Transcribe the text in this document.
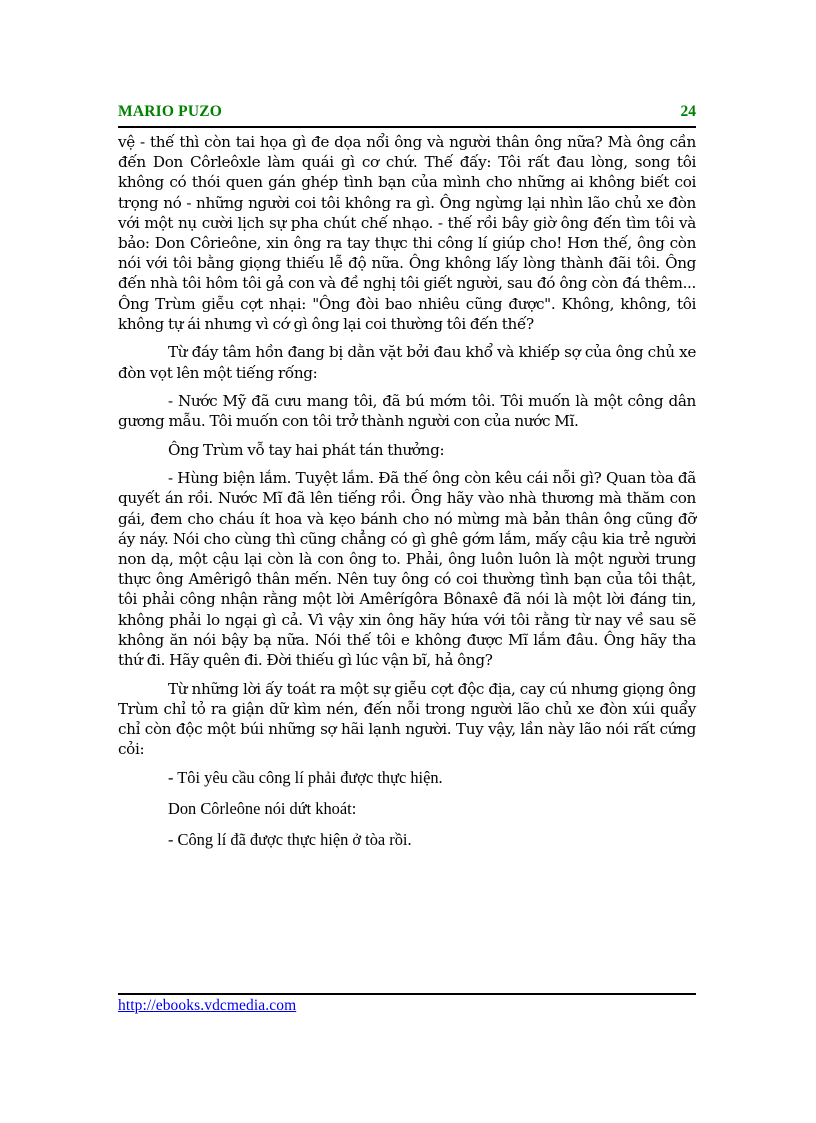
MARIO PUZO	24

vệ - thế thì còn tai họa gì đe dọa nổi ông và người thân ông nữa? Mà ông cần đến Don Côrleôxle làm quái gì cơ chứ. Thế đấy: Tôi rất đau lòng, song tôi không có thói quen gán ghép tình bạn của mình cho những ai không biết coi trọng nó - những người coi tôi không ra gì. Ông ngừng lại nhìn lão chủ xe đòn với một nụ cười lịch sự pha chút chế nhạo. - thế rồi bây giờ ông đến tìm tôi và bảo: Don Côrieône, xin ông ra tay thực thi công lí giúp cho! Hơn thế, ông còn nói với tôi bằng giọng thiếu lễ độ nữa. Ông không lấy lòng thành đãi tôi. Ông đến nhà tôi hôm tôi gả con và đề nghị tôi giết người, sau đó ông còn đá thêm... Ông Trùm giễu cợt nhại: "Ông đòi bao nhiêu cũng được". Không, không, tôi không tự ái nhưng vì cớ gì ông lại coi thường tôi đến thế?

Từ đáy tâm hồn đang bị dằn vặt bởi đau khổ và khiếp sợ của ông chủ xe đòn vọt lên một tiếng rống:

- Nước Mỹ đã cưu mang tôi, đã bú mớm tôi. Tôi muốn là một công dân gương mẫu. Tôi muốn con tôi trở thành người con của nước Mĩ.

Ông Trùm vỗ tay hai phát tán thưởng:

- Hùng biện lắm. Tuyệt lắm. Đã thế ông còn kêu cái nỗi gì? Quan tòa đã quyết án rồi. Nước Mĩ đã lên tiếng rồi. Ông hãy vào nhà thương mà thăm con gái, đem cho cháu ít hoa và kẹo bánh cho nó mừng mà bản thân ông cũng đỡ áy náy. Nói cho cùng thì cũng chẳng có gì ghê gớm lắm, mấy cậu kia trẻ người non dạ, một cậu lại còn là con ông to. Phải, ông luôn luôn là một người trung thực ông Amêrigô thân mến. Nên tuy ông có coi thường tình bạn của tôi thật, tôi phải công nhận rằng một lời Amêrígôra Bônaxê đã nói là một lời đáng tin, không phải lo ngại gì cả. Vì vậy xin ông hãy hứa với tôi rằng từ nay về sau sẽ không ăn nói bậy bạ nữa. Nói thế tôi e không được Mĩ lắm đâu. Ông hãy tha thứ đi. Hãy quên đi. Đời thiếu gì lúc vận bĩ, hả ông?

Từ những lời ấy toát ra một sự giễu cợt độc địa, cay cú nhưng giọng ông Trùm chỉ tỏ ra giận dữ kìm nén, đến nỗi trong người lão chủ xe đòn xúi quẩy chỉ còn độc một búi những sợ hãi lạnh người. Tuy vậy, lần này lão nói rất cứng cỏi:

- Tôi yêu cầu công lí phải được thực hiện.

Don Côrleône nói dứt khoát:

- Công lí đã được thực hiện ở tòa rồi.

http://ebooks.vdcmedia.com
